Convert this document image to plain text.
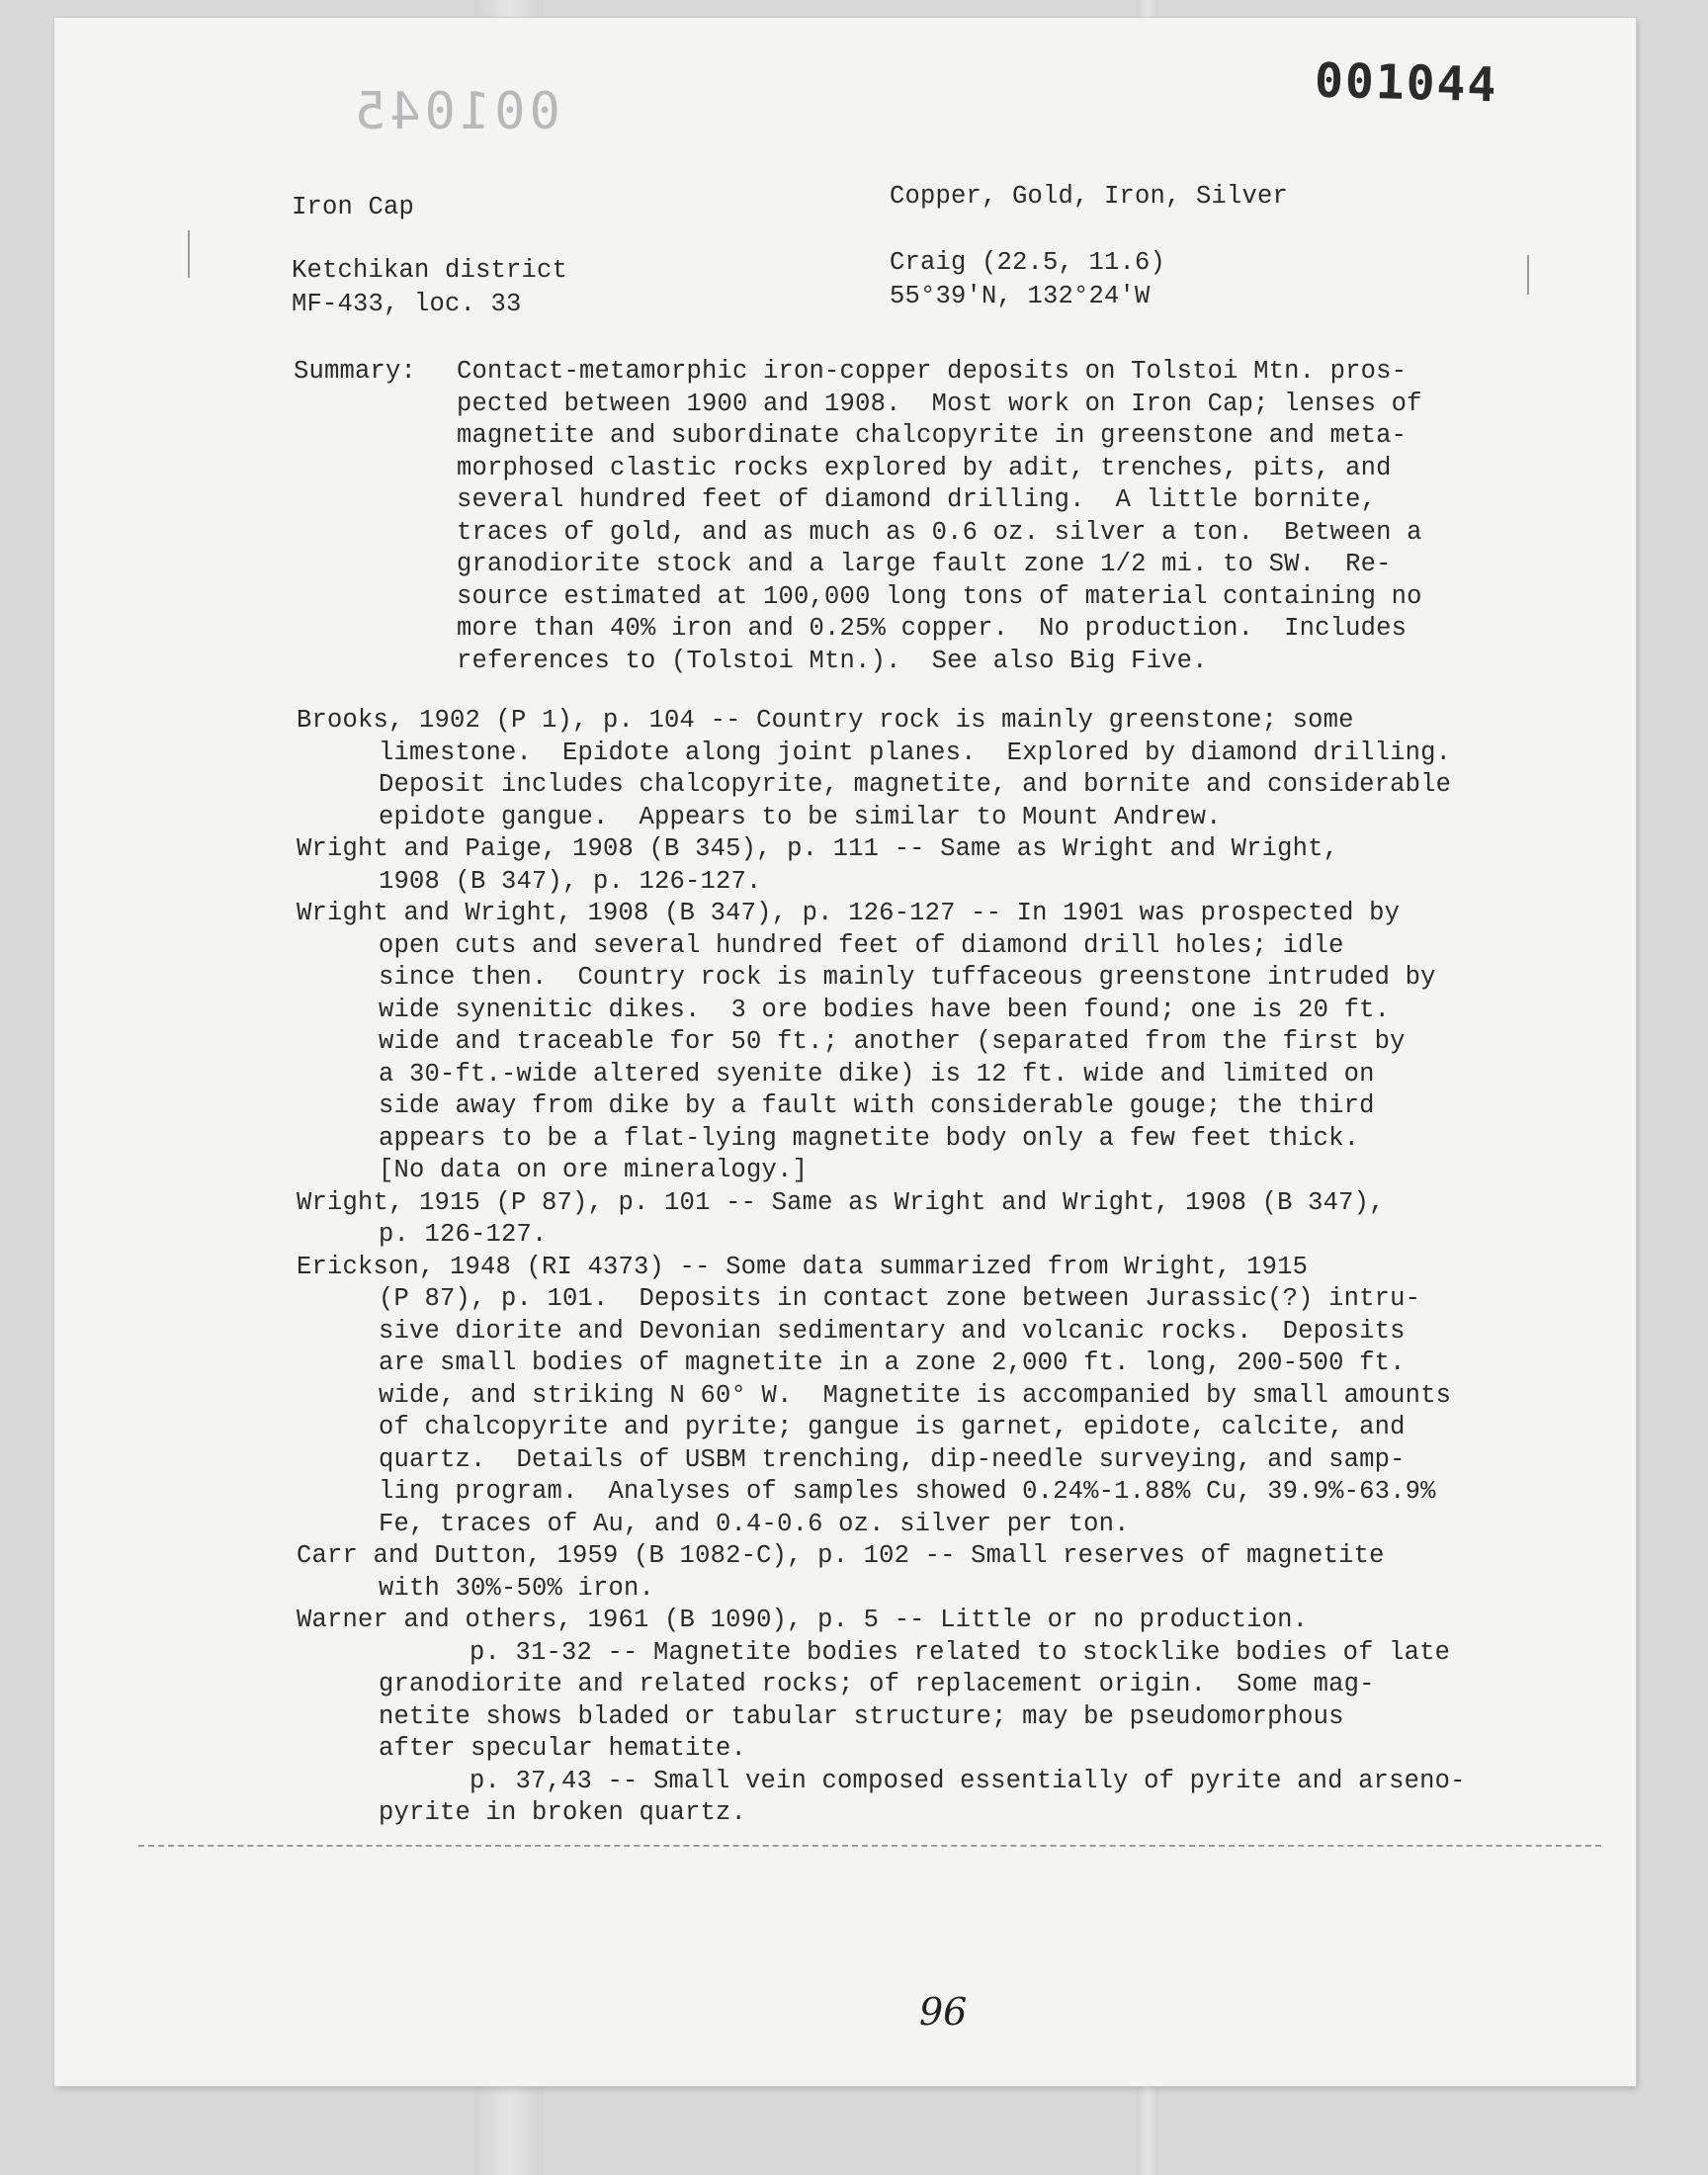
001045	001044
Iron Cap	Copper, Gold, Iron, Silver
Ketchikan district	Craig (22.5, 11.6)
MF-433, loc. 33	55°39'N, 132°24'W
Summary: Contact-metamorphic iron-copper deposits on Tolstoi Mtn. pros-
pected between 1900 and 1908.  Most work on Iron Cap; lenses of
magnetite and subordinate chalcopyrite in greenstone and meta-
morphosed clastic rocks explored by adit, trenches, pits, and
several hundred feet of diamond drilling.  A little bornite,
traces of gold, and as much as 0.6 oz. silver a ton.  Between a
granodiorite stock and a large fault zone 1/2 mi. to SW.  Re-
source estimated at 100,000 long tons of material containing no
more than 40% iron and 0.25% copper.  No production.  Includes
references to (Tolstoi Mtn.).  See also Big Five.
Brooks, 1902 (P 1), p. 104 -- Country rock is mainly greenstone; some
limestone.  Epidote along joint planes.  Explored by diamond drilling.
Deposit includes chalcopyrite, magnetite, and bornite and considerable
epidote gangue.  Appears to be similar to Mount Andrew.
Wright and Paige, 1908 (B 345), p. 111 -- Same as Wright and Wright,
1908 (B 347), p. 126-127.
Wright and Wright, 1908 (B 347), p. 126-127 -- In 1901 was prospected by
open cuts and several hundred feet of diamond drill holes; idle
since then.  Country rock is mainly tuffaceous greenstone intruded by
wide synenitic dikes.  3 ore bodies have been found; one is 20 ft.
wide and traceable for 50 ft.; another (separated from the first by
a 30-ft.-wide altered syenite dike) is 12 ft. wide and limited on
side away from dike by a fault with considerable gouge; the third
appears to be a flat-lying magnetite body only a few feet thick.
[No data on ore mineralogy.]
Wright, 1915 (P 87), p. 101 -- Same as Wright and Wright, 1908 (B 347),
p. 126-127.
Erickson, 1948 (RI 4373) -- Some data summarized from Wright, 1915
(P 87), p. 101.  Deposits in contact zone between Jurassic(?) intru-
sive diorite and Devonian sedimentary and volcanic rocks.  Deposits
are small bodies of magnetite in a zone 2,000 ft. long, 200-500 ft.
wide, and striking N 60° W.  Magnetite is accompanied by small amounts
of chalcopyrite and pyrite; gangue is garnet, epidote, calcite, and
quartz.  Details of USBM trenching, dip-needle surveying, and samp-
ling program.  Analyses of samples showed 0.24%-1.88% Cu, 39.9%-63.9%
Fe, traces of Au, and 0.4-0.6 oz. silver per ton.
Carr and Dutton, 1959 (B 1082-C), p. 102 -- Small reserves of magnetite
with 30%-50% iron.
Warner and others, 1961 (B 1090), p. 5 -- Little or no production.
p. 31-32 -- Magnetite bodies related to stocklike bodies of late
granodiorite and related rocks; of replacement origin.  Some mag-
netite shows bladed or tabular structure; may be pseudomorphous
after specular hematite.
p. 37,43 -- Small vein composed essentially of pyrite and arseno-
pyrite in broken quartz.
96
